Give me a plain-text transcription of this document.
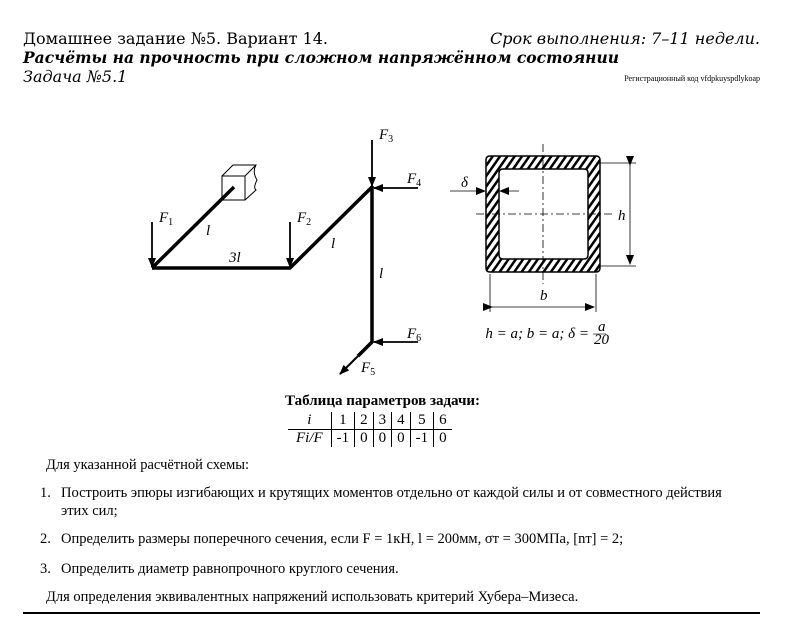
Домашнее задание №5. Вариант 14.	Срок выполнения: 7–11 недели.
Расчёты на прочность при сложном напряжённом состоянии
Задача №5.1	Регистрационный код vfdpkuyspdlykoap
$F_1$	$F_2$
$F_3$
$F_4$
$F_5$
$F_6$
l
3l
l
l
δ
h
b
h = a; b = a; δ = a
20
Таблица параметров задачи:
i	1	2	3	4	5	6
Fi/F	-1	0	0	0	-1	0
Для указанной расчётной схемы:
1. Построить эпюры изгибающих и крутящих моментов отдельно от каждой силы и от совместного действия
этих сил;
2. Определить размеры поперечного сечения, если F = 1кН, l = 200мм, σт = 300МПа, [nт] = 2;
3. Определить диаметр равнопрочного круглого сечения.
Для определения эквивалентных напряжений использовать критерий Хубера–Мизеса.
